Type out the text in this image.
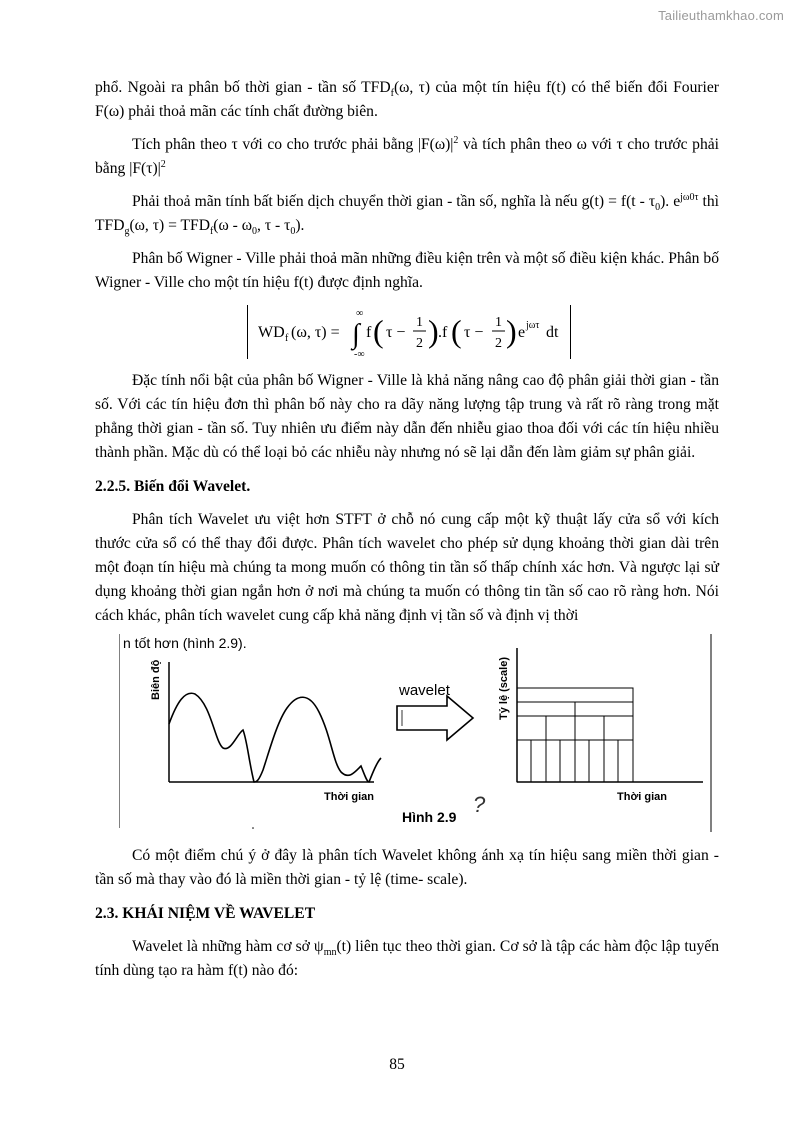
Tailieuthamkhao.com

phổ. Ngoài ra phân bố thời gian - tần số $TFD_f(\omega$, τ) của một tín hiệu f(t) có thể biến đổi Fourier F(ω) phải thoả mãn các tính chất đường biên.

Tích phân theo τ với co cho trước phải bằng $|F(\omega)|^2$ và tích phân theo ω với τ cho trước phải bằng $|F(\tau)|^2$

Phải thoả mãn tính bất biến dịch chuyển thời gian - tần số, nghĩa là nếu $g(t) = f(t - \tau_0)$. $e^{j\omega 0\tau}$ thì $TFD_g(\omega$, $\tau) = TFD_f(\omega - \omega_0$, τ - $\tau_0$).

Phân bố Wigner - Ville phải thoả mãn những điều kiện trên và một số điều kiện khác. Phân bố Wigner - Ville cho một tín hiệu f(t) được định nghĩa.

WD f (ω, τ) =
∞
-∞
∫ f ( τ −
1
2 ) .f ( τ −
1
2 ) e jωτ dt

Đặc tính nổi bật của phân bố Wigner - Ville là khả năng nâng cao độ phân giải thời gian - tần số. Với các tín hiệu đơn thì phân bố này cho ra dãy năng lượng tập trung và rất rõ ràng trong mặt phẳng thời gian - tần số. Tuy nhiên ưu điểm này dẫn đến nhiễu giao thoa đối với các tín hiệu nhiều thành phần. Mặc dù có thể loại bỏ các nhiễu này nhưng nó sẽ lại dẫn đến làm giảm sự phân giải.

2.2.5. Biến đổi Wavelet.

Phân tích Wavelet ưu việt hơn STFT ở chỗ nó cung cấp một kỹ thuật lấy cửa sổ với kích thước cửa sổ có thể thay đổi được. Phân tích wavelet cho phép sử dụng khoảng thời gian dài trên một đoạn tín hiệu mà chúng ta mong muốn có thông tin tần số thấp chính xác hơn. Và ngược lại sử dụng khoảng thời gian ngắn hơn ở nơi mà chúng ta muốn có thông tin tần số cao rõ ràng hơn. Nói cách khác, phân tích wavelet cung cấp khả năng định vị tần số và định vị thời

n tốt hơn (hình 2.9).
Biên độ
Thời gian
wavelet	Tỷ lệ (scale)
Thời gian
Hình 2.9 ?

Có một điểm chú ý ở đây là phân tích Wavelet không ánh xạ tín hiệu sang miền thời gian - tần số mà thay vào đó là miền thời gian - tỷ lệ (time- scale).

2.3. KHÁI NIỆM VỀ WAVELET

Wavelet là những hàm cơ sở $\psi_{mn}(t)$ liên tục theo thời gian. Cơ sở là tập các hàm độc lập tuyến tính dùng tạo ra hàm f(t) nào đó:

85
